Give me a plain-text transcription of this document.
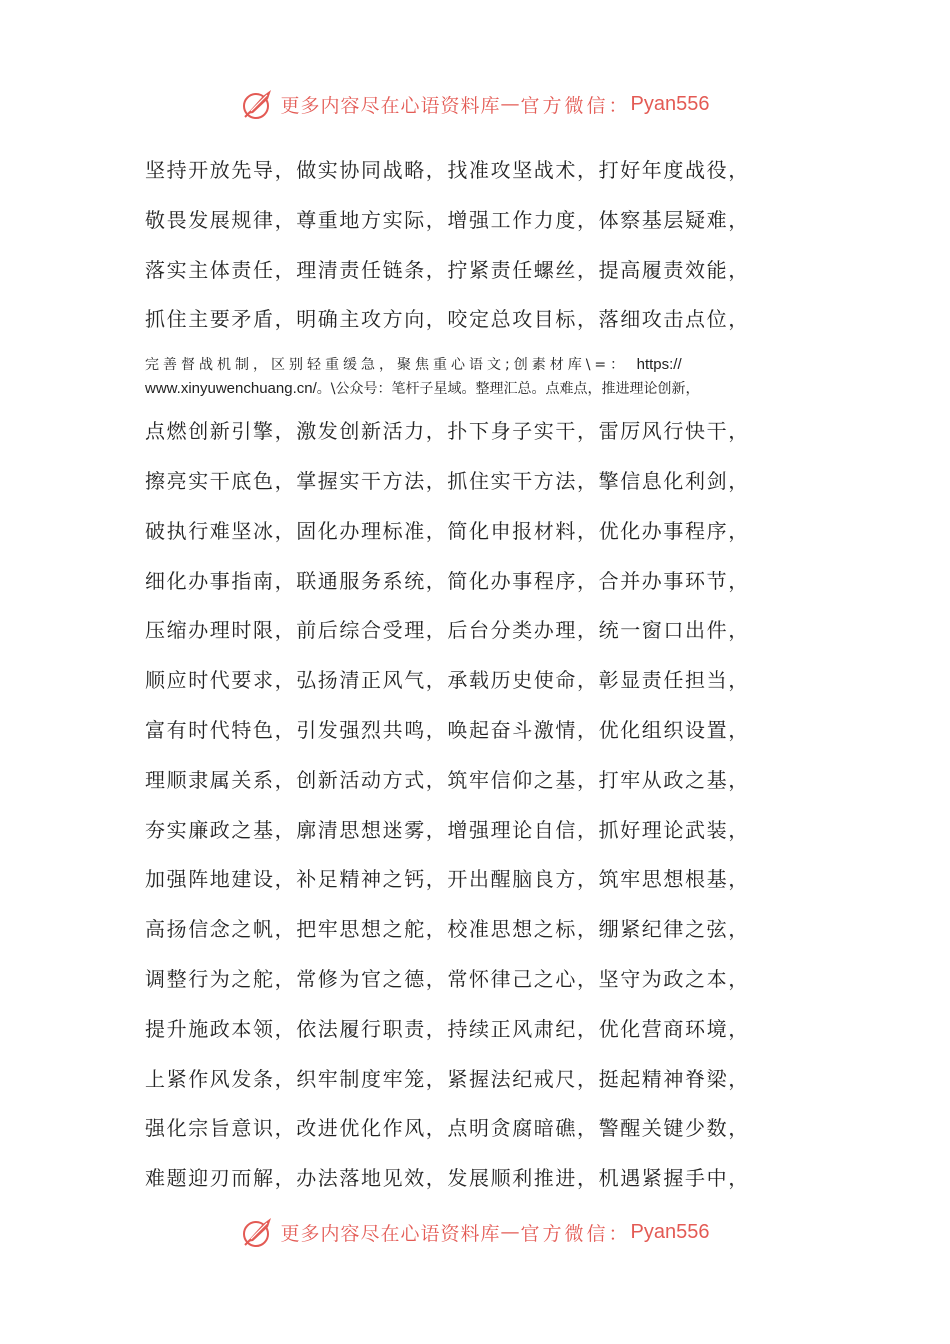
更多内容尽在心语资料库 — 官方微信： Pyan556
坚持开放先导，做实协同战略，找准攻坚战术，打好年度战役，
敬畏发展规律，尊重地方实际，增强工作力度，体察基层疑难，
落实主体责任，理清责任链条，拧紧责任螺丝，提高履责效能，
抓住主要矛盾，明确主攻方向，咬定总攻目标，落细攻击点位，
完善督战机制，区别轻重缓急，聚焦重心语文;创素材库\=： https://
www.xinyuwenchuang.cn/。\公众号：笔杆子星域。整理汇总。点难点，推进理论创新，
点燃创新引擎，激发创新活力，扑下身子实干，雷厉风行快干，
擦亮实干底色，掌握实干方法，抓住实干方法，擎信息化利剑，
破执行难坚冰，固化办理标准，简化申报材料，优化办事程序，
细化办事指南，联通服务系统，简化办事程序，合并办事环节，
压缩办理时限，前后综合受理，后台分类办理，统一窗口出件，
顺应时代要求，弘扬清正风气，承载历史使命，彰显责任担当，
富有时代特色，引发强烈共鸣，唤起奋斗激情，优化组织设置，
理顺隶属关系，创新活动方式，筑牢信仰之基，打牢从政之基，
夯实廉政之基，廓清思想迷雾，增强理论自信，抓好理论武装，
加强阵地建设，补足精神之钙，开出醒脑良方，筑牢思想根基，
高扬信念之帆，把牢思想之舵，校准思想之标，绷紧纪律之弦，
调整行为之舵，常修为官之德，常怀律己之心，坚守为政之本，
提升施政本领，依法履行职责，持续正风肃纪，优化营商环境，
上紧作风发条，织牢制度牢笼，紧握法纪戒尺，挺起精神脊梁，
强化宗旨意识，改进优化作风，点明贪腐暗礁，警醒关键少数，
难题迎刃而解，办法落地见效，发展顺利推进，机遇紧握手中，
更多内容尽在心语资料库 — 官方微信： Pyan556
